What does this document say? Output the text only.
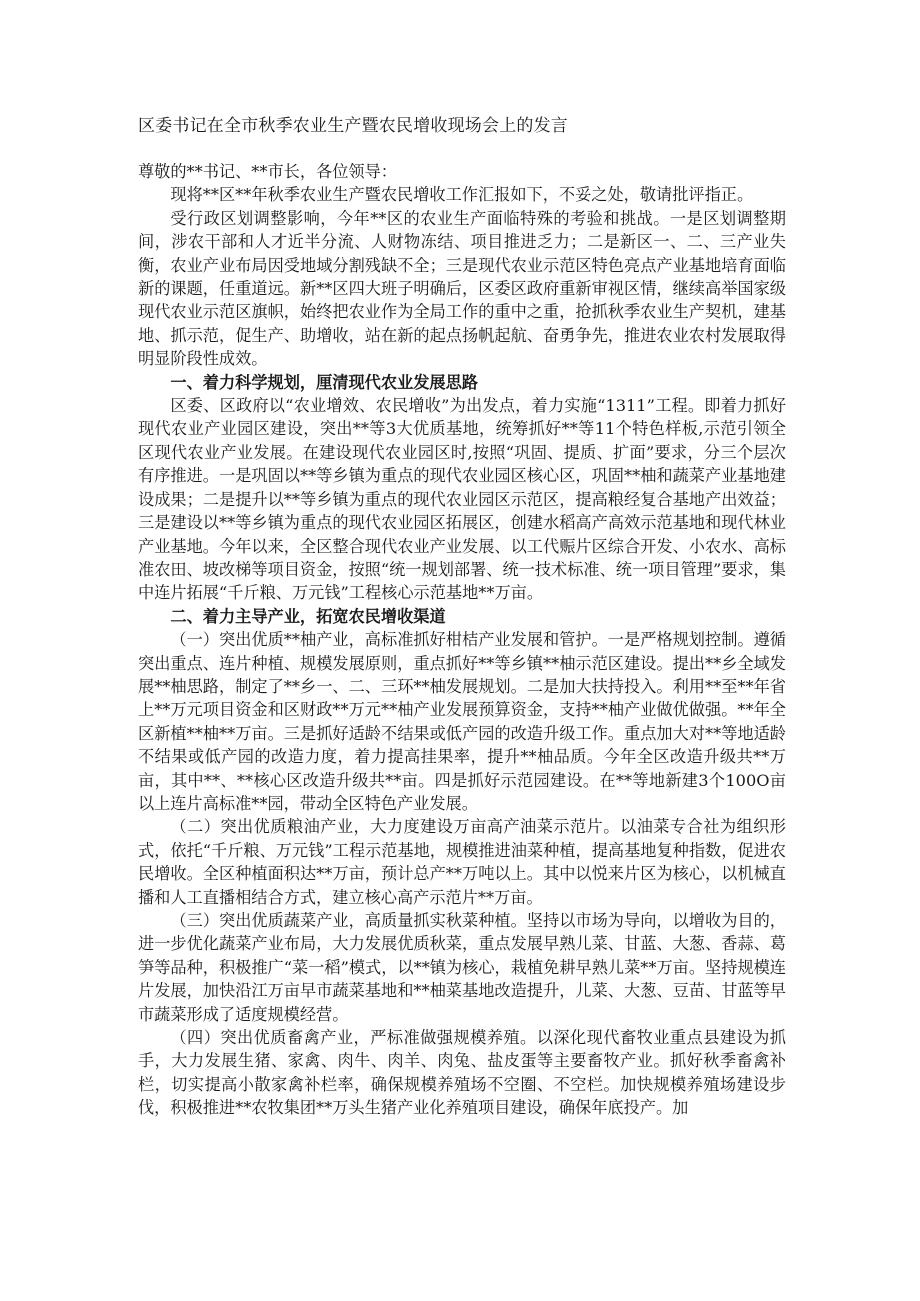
区委书记在全市秋季农业生产暨农民增收现场会上的发言

尊敬的**书记、**市长，各位领导：

现将**区**年秋季农业生产暨农民增收工作汇报如下，不妥之处，敬请批评指正。

受行政区划调整影响，今年**区的农业生产面临特殊的考验和挑战。一是区划调整期间，涉农干部和人才近半分流、人财物冻结、项目推进乏力；二是新区一、二、三产业失衡，农业产业布局因受地域分割残缺不全；三是现代农业示范区特色亮点产业基地培育面临新的课题，任重道远。新**区四大班子明确后，区委区政府重新审视区情，继续高举国家级现代农业示范区旗帜，始终把农业作为全局工作的重中之重，抢抓秋季农业生产契机，建基地、抓示范，促生产、助增收，站在新的起点扬帆起航、奋勇争先，推进农业农村发展取得明显阶段性成效。

一、着力科学规划，厘清现代农业发展思路

区委、区政府以“农业增效、农民增收”为出发点，着力实施“1311”工程。即着力抓好现代农业产业园区建设，突出**等3大优质基地，统筹抓好**等11个特色样板,示范引领全区现代农业产业发展。在建设现代农业园区时,按照“巩固、提质、扩面”要求，分三个层次有序推进。一是巩固以**等乡镇为重点的现代农业园区核心区，巩固**柚和蔬菜产业基地建设成果；二是提升以**等乡镇为重点的现代农业园区示范区，提高粮经复合基地产出效益；三是建设以**等乡镇为重点的现代农业园区拓展区，创建水稻高产高效示范基地和现代林业产业基地。今年以来，全区整合现代农业产业发展、以工代赈片区综合开发、小农水、高标准农田、坡改梯等项目资金，按照“统一规划部署、统一技术标准、统一项目管理”要求，集中连片拓展“千斤粮、万元钱”工程核心示范基地**万亩。

二、着力主导产业，拓宽农民增收渠道

（一）突出优质**柚产业，高标准抓好柑桔产业发展和管护。一是严格规划控制。遵循突出重点、连片种植、规模发展原则，重点抓好**等乡镇**柚示范区建设。提出**乡全域发展**柚思路，制定了**乡一、二、三环**柚发展规划。二是加大扶持投入。利用**至**年省上**万元项目资金和区财政**万元**柚产业发展预算资金，支持**柚产业做优做强。**年全区新植**柚**万亩。三是抓好适龄不结果或低产园的改造升级工作。重点加大对**等地适龄不结果或低产园的改造力度，着力提高挂果率，提升**柚品质。今年全区改造升级共**万亩，其中**、**核心区改造升级共**亩。四是抓好示范园建设。在**等地新建3个100O亩以上连片高标准**园，带动全区特色产业发展。

（二）突出优质粮油产业，大力度建设万亩高产油菜示范片。以油菜专合社为组织形式，依托“千斤粮、万元钱”工程示范基地，规模推进油菜种植，提高基地复种指数，促进农民增收。全区种植面积达**万亩，预计总产**万吨以上。其中以悦来片区为核心，以机械直播和人工直播相结合方式，建立核心高产示范片**万亩。

（三）突出优质蔬菜产业，高质量抓实秋菜种植。坚持以市场为导向，以增收为目的，进一步优化蔬菜产业布局，大力发展优质秋菜，重点发展早熟儿菜、甘蓝、大葱、香蒜、葛笋等品种，积极推广“菜一稻”模式，以**镇为核心，栽植免耕早熟儿菜**万亩。坚持规模连片发展，加快沿江万亩早市蔬菜基地和**柚菜基地改造提升，儿菜、大葱、豆苗、甘蓝等早市蔬菜形成了适度规模经营。

（四）突出优质畜禽产业，严标准做强规模养殖。以深化现代畜牧业重点县建设为抓手，大力发展生猪、家禽、肉牛、肉羊、肉兔、盐皮蛋等主要畜牧产业。抓好秋季畜禽补栏，切实提高小散家禽补栏率，确保规模养殖场不空圈、不空栏。加快规模养殖场建设步伐，积极推进**农牧集团**万头生猪产业化养殖项目建设，确保年底投产。加
